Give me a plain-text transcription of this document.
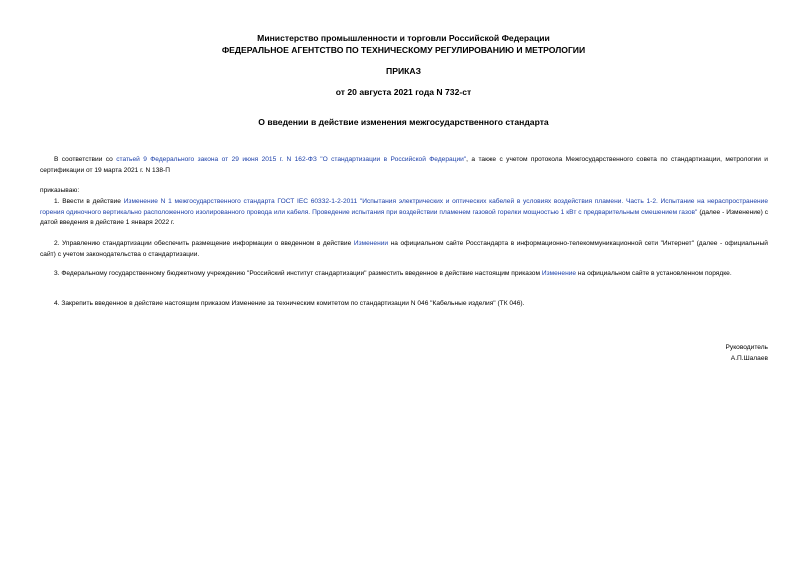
Министерство промышленности и торговли Российской Федерации
ФЕДЕРАЛЬНОЕ АГЕНТСТВО ПО ТЕХНИЧЕСКОМУ РЕГУЛИРОВАНИЮ И МЕТРОЛОГИИ
ПРИКАЗ
от 20 августа 2021 года N 732-ст
О введении в действие изменения межгосударственного стандарта
В соответствии со статьей 9 Федерального закона от 29 июня 2015 г. N 162-ФЗ "О стандартизации в Российской Федерации", а также с учетом протокола Межгосударственного совета по стандартизации, метрологии и сертификации от 19 марта 2021 г. N 138-П
приказываю:
1. Ввести в действие Изменение N 1 межгосударственного стандарта ГОСТ IEC 60332-1-2-2011 "Испытания электрических и оптических кабелей в условиях воздействия пламени. Часть 1-2. Испытание на нераспространение горения одиночного вертикально расположенного изолированного провода или кабеля. Проведение испытания при воздействии пламенем газовой горелки мощностью 1 кВт с предварительным смешением газов" (далее - Изменение) с датой введения в действие 1 января 2022 г.
2. Управлению стандартизации обеспечить размещение информации о введенном в действие Изменении на официальном сайте Росстандарта в информационно-телекоммуникационной сети "Интернет" (далее - официальный сайт) с учетом законодательства о стандартизации.
3. Федеральному государственному бюджетному учреждению "Российский институт стандартизации" разместить введенное в действие настоящим приказом Изменение на официальном сайте в установленном порядке.
4. Закрепить введенное в действие настоящим приказом Изменение за техническим комитетом по стандартизации N 046 "Кабельные изделия" (ТК 046).
Руководитель
А.П.Шалаев
